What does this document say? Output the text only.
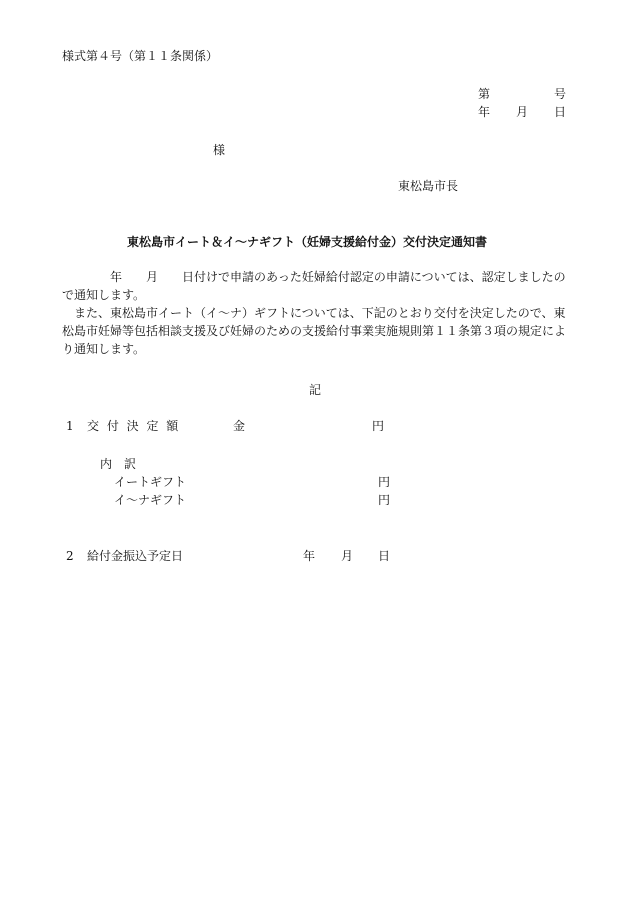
様式第４号（第１１条関係）
第	号
年 月 日
様
東松島市長
東松島市イート＆イ〜ナギフト（妊婦支援給付金）交付決定通知書

年 月 日付けで申請のあった妊婦給付認定の申請については、認定しましたので通知します。

また、東松島市イート（イ〜ナ）ギフトについては、下記のとおり交付を決定したので、東松島市妊婦等包括相談支援及び妊婦のための支援給付事業実施規則第１１条第３項の規定により通知します。

記
1 交 付 決 定 額	金	円
内　訳
イートギフト	円
イ〜ナギフト	円
2 給付金振込予定日	年 月 日
